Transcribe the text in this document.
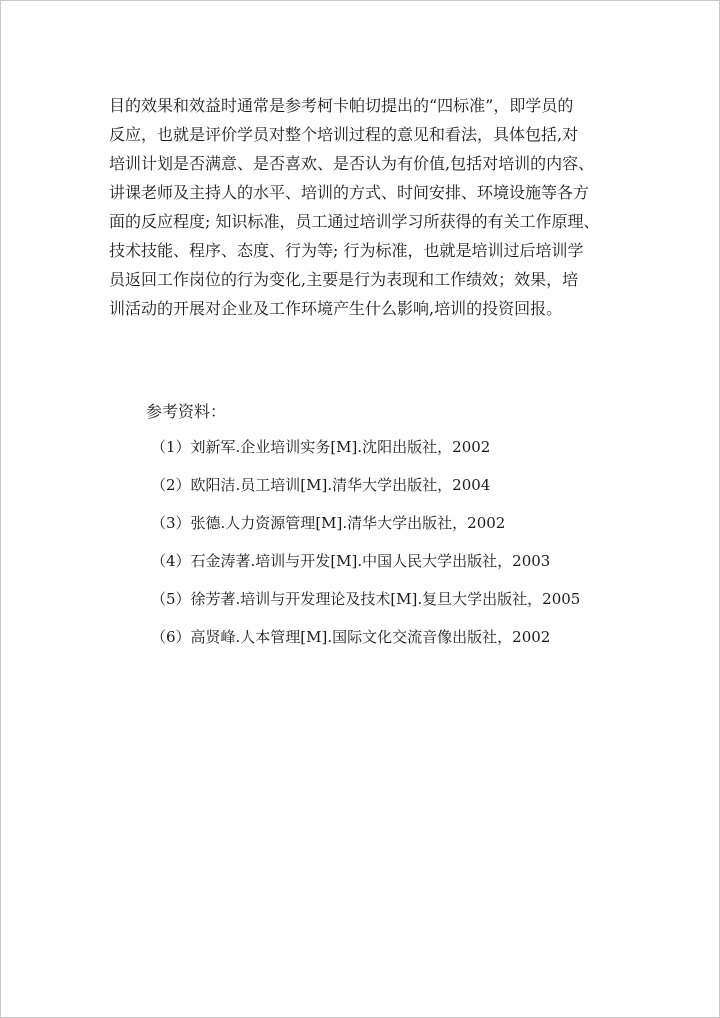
目的效果和效益时通常是参考柯卡帕切提出的“四标准”，即学员的
反应，也就是评价学员对整个培训过程的意见和看法，具体包括,对
培训计划是否满意、是否喜欢、是否认为有价值,包括对培训的内容、
讲课老师及主持人的水平、培训的方式、时间安排、环境设施等各方
面的反应程度; 知识标准，员工通过培训学习所获得的有关工作原理、
技术技能、程序、态度、行为等; 行为标准，也就是培训过后培训学
员返回工作岗位的行为变化,主要是行为表现和工作绩效；效果，培
训活动的开展对企业及工作环境产生什么影响,培训的投资回报。
参考资料：
（1）刘新军.企业培训实务[M].沈阳出版社，2002
（2）欧阳洁.员工培训[M].清华大学出版社，2004
（3）张德.人力资源管理[M].清华大学出版社，2002
（4）石金涛著.培训与开发[M].中国人民大学出版社，2003
（5）徐芳著.培训与开发理论及技术[M].复旦大学出版社，2005
（6）高贤峰.人本管理[M].国际文化交流音像出版社，2002
